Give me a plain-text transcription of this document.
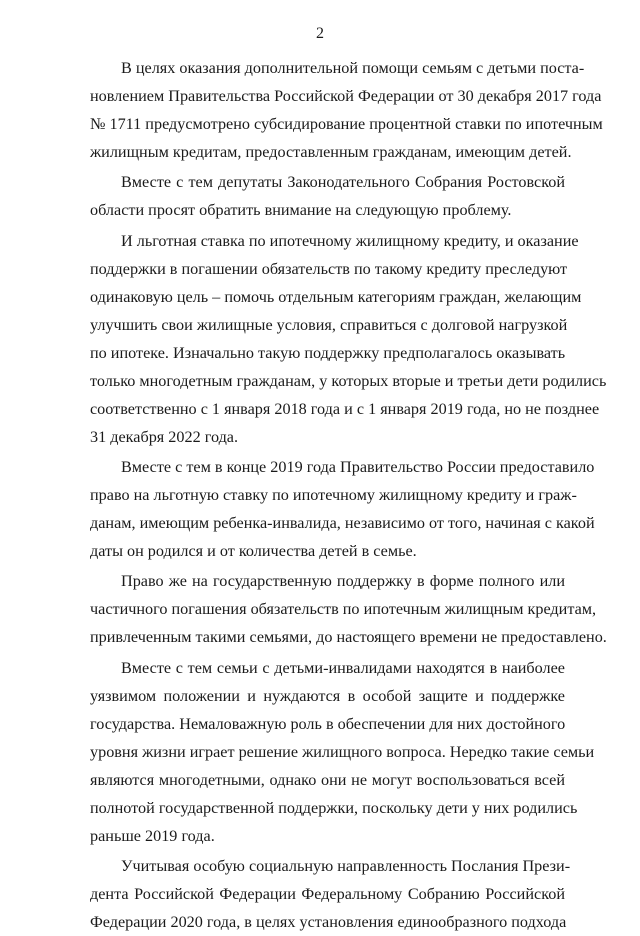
2
В целях оказания дополнительной помощи семьям с детьми поста-
новлением Правительства Российской Федерации от 30 декабря 2017 года
№ 1711 предусмотрено субсидирование процентной ставки по ипотечным
жилищным кредитам, предоставленным гражданам, имеющим детей.
Вместе с тем депутаты Законодательного Собрания Ростовской
области просят обратить внимание на следующую проблему.
И льготная ставка по ипотечному жилищному кредиту, и оказание
поддержки в погашении обязательств по такому кредиту преследуют
одинаковую цель – помочь отдельным категориям граждан, желающим
улучшить свои жилищные условия, справиться с долговой нагрузкой
по ипотеке. Изначально такую поддержку предполагалось оказывать
только многодетным гражданам, у которых вторые и третьи дети родились
соответственно с 1 января 2018 года и с 1 января 2019 года, но не позднее
31 декабря 2022 года.
Вместе с тем в конце 2019 года Правительство России предоставило
право на льготную ставку по ипотечному жилищному кредиту и граж-
данам, имеющим ребенка-инвалида, независимо от того, начиная с какой
даты он родился и от количества детей в семье.
Право же на государственную поддержку в форме полного или
частичного погашения обязательств по ипотечным жилищным кредитам,
привлеченным такими семьями, до настоящего времени не предоставлено.
Вместе с тем семьи с детьми-инвалидами находятся в наиболее
уязвимом положении и нуждаются в особой защите и поддержке
государства. Немаловажную роль в обеспечении для них достойного
уровня жизни играет решение жилищного вопроса. Нередко такие семьи
являются многодетными, однако они не могут воспользоваться всей
полнотой государственной поддержки, поскольку дети у них родились
раньше 2019 года.
Учитывая особую социальную направленность Послания Прези-
дента Российской Федерации Федеральному Собранию Российской
Федерации 2020 года, в целях установления единообразного подхода
